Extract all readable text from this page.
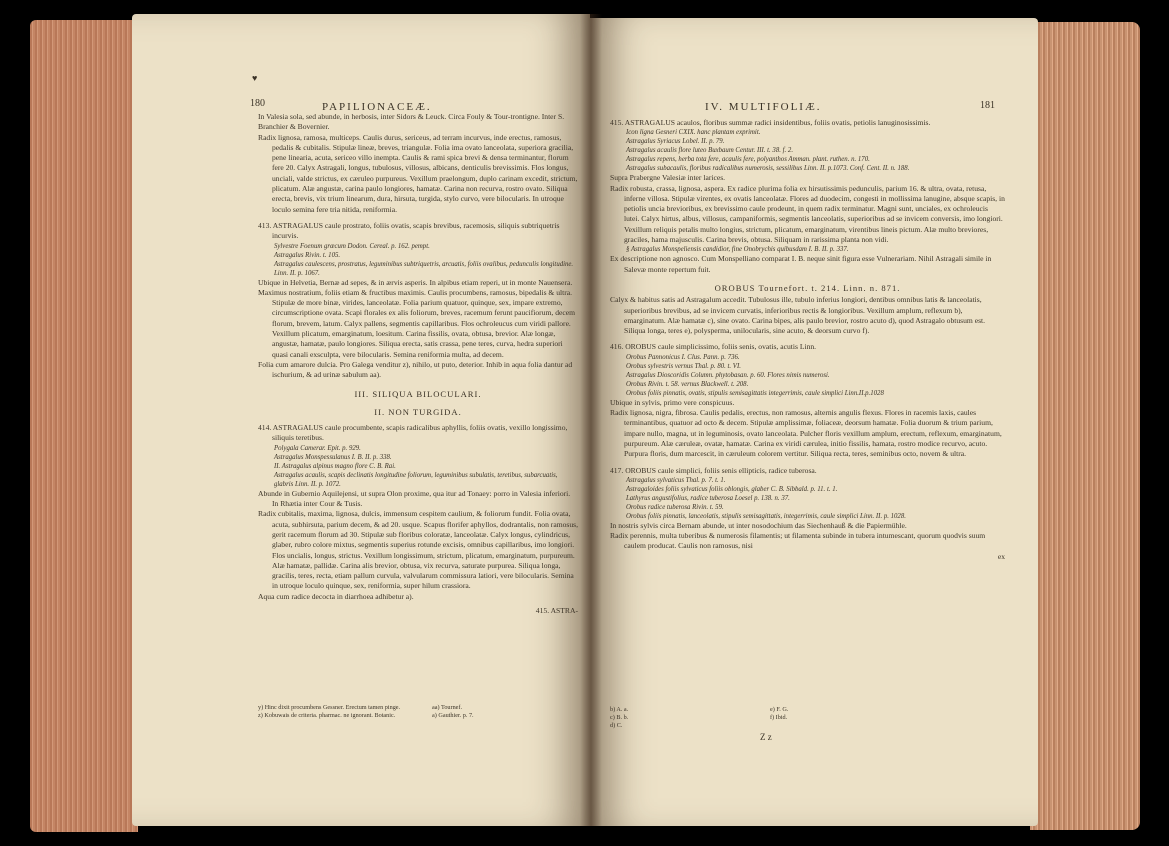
♥
180	PAPILIONACEÆ.

In Valesia sola, sed abunde, in herbosis, inter Sidors & Leuck. Circa Fouly & Tour-trontigne. Inter S. Branchier & Bovernier.

Radix lignosa, ramosa, multiceps. Caulis durus, sericeus, ad terram incurvus, inde erectus, ramosus, pedalis & cubitalis. Stipulæ lineæ, breves, triangulæ. Folia ima ovato lanceolata, superiora gracilia, pene linearia, acuta, sericeo villo inempta. Caulis & rami spica brevi & densa terminantur, florum fere 20. Calyx Astragali, longus, tubulosus, villosus, albicans, denticulis brevissimis. Flos longus, unciali, valde strictus, ex cæruleo purpureus. Vexillum praelongum, duplo carinam excedit, strictum, plicatum. Alæ angustæ, carina paulo longiores, hamatæ. Carina non recurva, rostro ovato. Siliqua erecta, brevis, vix trium linearum, dura, hirsuta, turgida, stylo curvo, vere bilocularis. In utroque loculo semina fere tria nitida, reniformia.

413. ASTRAGALUS caule prostrato, foliis ovatis, scapis brevibus, racemosis, siliquis subtriquetris incurvis.

Sylvestre Foenum græcum Dodon. Cereal. p. 162. pempt.

Astragalus Rivin. t. 105.

Astragalus caulescens, prostratus, leguminibus subtriquetris, arcuatis, foliis ovalibus, pedunculis longitudine. Linn. II. p. 1067.

Ubique in Helvetia, Bernæ ad sepes, & in ærvis asperis. In alpibus etiam reperi, ut in monte Nauensera.

Maximus nostratium, foliis etiam & fructibus maximis. Caulis procumbens, ramosus, bipedalis & ultra. Stipulæ de more binæ, virides, lanceolatæ. Folia parium quatuor, quinque, sex, impare extremo, circumscriptione ovata. Scapi florales ex alis foliorum, breves, racemum ferunt paucifiorum, decem florum, brevem, latum. Calyx pallens, segmentis capillaribus. Flos ochroleucus cum viridi pallore. Vexillum plicatum, emarginatum, loesitum. Carina fissilis, ovata, obtusa, brevior. Alæ longæ, angustæ, hamatæ, paulo longiores. Siliqua erecta, satis crassa, pene teres, curva, hedra superiori quasi canali exsculpta, vere bilocularis. Semina reniformia multa, ad decem.

Folia cum amarore dulcia. Pro Galega venditur z), nihilo, ut puto, deterior. Inhib in aqua folia dantur ad ischurium, & ad urinæ sabulum aa).

III. SILIQUA BILOCULARI.

II. NON TURGIDA.

414. ASTRAGALUS caule procumbente, scapis radicalibus aphyllis, foliis ovatis, vexillo longissimo, siliquis teretibus.

Polygala Camerar. Epit. p. 929.

Astragalus Monspessulanus I. B. II. p. 338.

II. Astragalus alpinus magno flore C. B. Rai.

Astragalus acaulis, scapis declinatis longitudine foliorum, leguminibus subulatis, teretibus, subarcuatis, glabris Linn. II. p. 1072.

Abunde in Gubernio Aquilejensi, ut supra Olon proxime, qua itur ad Tonaey: porro in Valesia inferiori. In Rhætia inter Cour & Tusis.

Radix cubitalis, maxima, lignosa, dulcis, immensum cespitem caulium, & foliorum fundit. Folia ovata, acuta, subhirsuta, parium decem, & ad 20. usque. Scapus florifer aphyllos, dodrantalis, non ramosus, gerit racemum florum ad 30. Stipulæ sub floribus coloratæ, lanceolatæ. Calyx longus, cylindricus, glaber, rubro colore mixtus, segmentis superius rotunde excisis, omnibus capillaribus, imo longiori. Flos uncialis, longus, strictus. Vexillum longissimum, strictum, plicatum, emarginatum, purpureum. Alæ hamatæ, pallidæ. Carina alis brevior, obtusa, vix recurva, saturate purpurea. Siliqua longa, gracilis, teres, recta, etiam pallum curvula, valvularum commissura latiori, vere bilocularis. Semina in utroque loculo quinque, sex, reniformia, super hilum crassiora.

Aqua cum radice decocta in diarrhoea adhibetur a).

415. ASTRA-

y) Hinc dixit procumbens Gessner. Erectum tamen pinge.

z) Kobuwais de criteria. pharmac. ne ignorant. Botanic.

aa) Tournef.

a) Gauthier. p. 7.

IV. MULTIFOLIÆ.	181

415. ASTRAGALUS acaulos, floribus summæ radici insidentibus, foliis ovatis, petiolis lanuginosissimis.

Icon ligna Gesneri CXIX. hanc plantam exprimit.

Astragalus Syriacus Lobel. II. p. 79.

Astragalus acaulis flore luteo Buxbaum Centur. III. t. 38. f. 2.

Astragalus repens, herba tota fere, acaulis fere, polyanthos Amman. plant. ruthen. n. 170.

Astragalus subacaulis, floribus radicalibus numerosis, sessilibus Linn. II. p.1073. Conf. Cent. II. n. 188.

Supra Prabergne Valesiæ inter larices.

Radix robusta, crassa, lignosa, aspera. Ex radice plurima folia ex hirsutissimis pedunculis, parium 16. & ultra, ovata, retusa, inferne villosa. Stipulæ virentes, ex ovatis lanceolatæ. Flores ad duodecim, congesti in mollissima lanugine, absque scapis, in petiolis uncia brevioribus, ex brevissimo caule prodeunt, in quem radix terminatur. Magni sunt, unciales, ex ochroleucis lutei. Calyx hirtus, albus, villosus, campaniformis, segmentis lanceolatis, superioribus ad se invicem conversis, imo longiori. Vexillum reliquis petalis multo longius, strictum, plicatum, emarginatum, virentibus lineis pictum. Alæ multo breviores, graciles, hama majusculis. Carina brevis, obtusa. Siliquam in rarissima planta non vidi.

§ Astragalus Monspeliensis candidior, fine Onobrychis quibusdam I. B. II. p. 337.

Ex descriptione non agnosco. Cum Monspelliano comparat I. B. neque sinit figura esse Vulnerariam. Nihil Astragali simile in Salevæ monte repertum fuit.

OROBUS Tournefort. t. 214. Linn. n. 871.

Calyx & habitus satis ad Astragalum accedit. Tubulosus ille, tubulo inferius longiori, dentibus omnibus latis & lanceolatis, superioribus brevibus, ad se invicem curvatis, inferioribus rectis & longioribus. Vexillum amplum, reflexum b), emarginatum. Alæ hamatæ c), sine ovato. Carina bipes, alis paulo brevior, rostro acuto d), quod Astragalo obtusum est. Siliqua longa, teres e), polysperma, unilocularis, sine acuto, & deorsum curvo f).

416. OROBUS caule simplicissimo, foliis senis, ovatis, acutis Linn.

Orobus Pannonicus I. Clus. Pann. p. 736.

Orobus sylvestris vernus Thal. p. 80. t. VI.

Astragalus Dioscoridis Column. phytobasan. p. 60. Flores nimis numerosi.

Orobus Rivin. t. 58. vernus Blackwell. t. 208.

Orobus foliis pinnatis, ovatis, stipulis semisagittatis integerrimis, caule simplici Linn.II.p.1028

Ubique in sylvis, primo vere conspicuus.

Radix lignosa, nigra, fibrosa. Caulis pedalis, erectus, non ramosus, alternis angulis flexus. Flores in racemis laxis, caules terminantibus, quatuor ad octo & decem. Stipulæ amplissimæ, foliaceæ, deorsum hamatæ. Folia duorum & trium parium, impare nullo, magna, ut in leguminosis, ovato lanceolata. Pulcher floris vexillum amplum, erectum, reflexum, emarginatum, purpureum. Alæ cæruleæ, ovatæ, hamatæ. Carina ex viridi cærulea, initio fissilis, hamata, rostro modice recurvo, acuto. Purpura floris, dum marcescit, in cæruleum colorem vertitur. Siliqua recta, teres, seminibus octo, novem & ultra.

417. OROBUS caule simplici, foliis senis ellipticis, radice tuberosa.

Astragalus sylvaticus Thal. p. 7. t. 1.

Astragaloides foliis sylvaticus foliis oblongis, glaber C. B. Sibbald. p. 11. t. 1.

Lathyrus angustifolius, radice tuberosa Loesel p. 138. n. 37.

Orobus radice tuberosa Rivin. t. 59.

Orobus foliis pinnatis, lanceolatis, stipulis semisagittatis, integerrimis, caule simplici Linn. II. p. 1028.

In nostris sylvis circa Bernam abunde, ut inter nosodochium das Siechenhauß & die Papiermühle.

Radix perennis, multa tuberibus & numerosis filamentis; ut filamenta subinde in tubera intumescant, quorum quodvis suum caulem producat. Caulis non ramosus, nisi

ex

b) A. a.

c) B. b.

d) C.

e) F. G.

f) Ibid.

Z z
